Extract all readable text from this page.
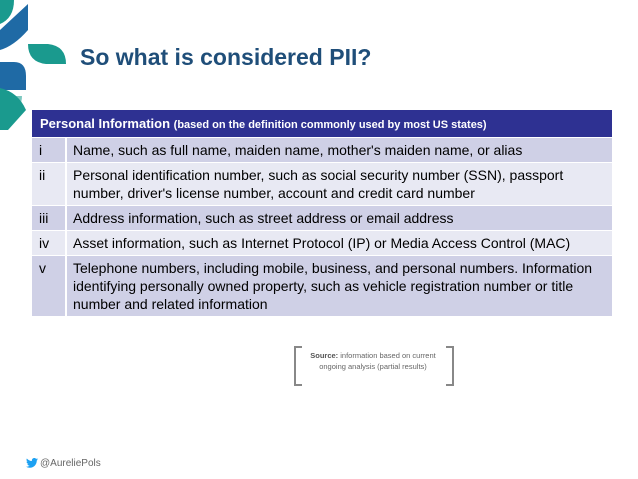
So what is considered PII?
Personal Information (based on the definition commonly used by most US states)	
i	Name, such as full name, maiden name, mother's maiden name, or alias
ii	Personal identification number, such as social security number (SSN), passport number, driver's license number, account and credit card number
iii	Address information, such as street address or email address
iv	Asset information, such as Internet Protocol (IP) or Media Access Control (MAC)
v	Telephone numbers, including mobile, business, and personal numbers. Information identifying personally owned property, such as vehicle registration number or title number and related information
Source: information based on current ongoing analysis (partial results)
@AureliePols
